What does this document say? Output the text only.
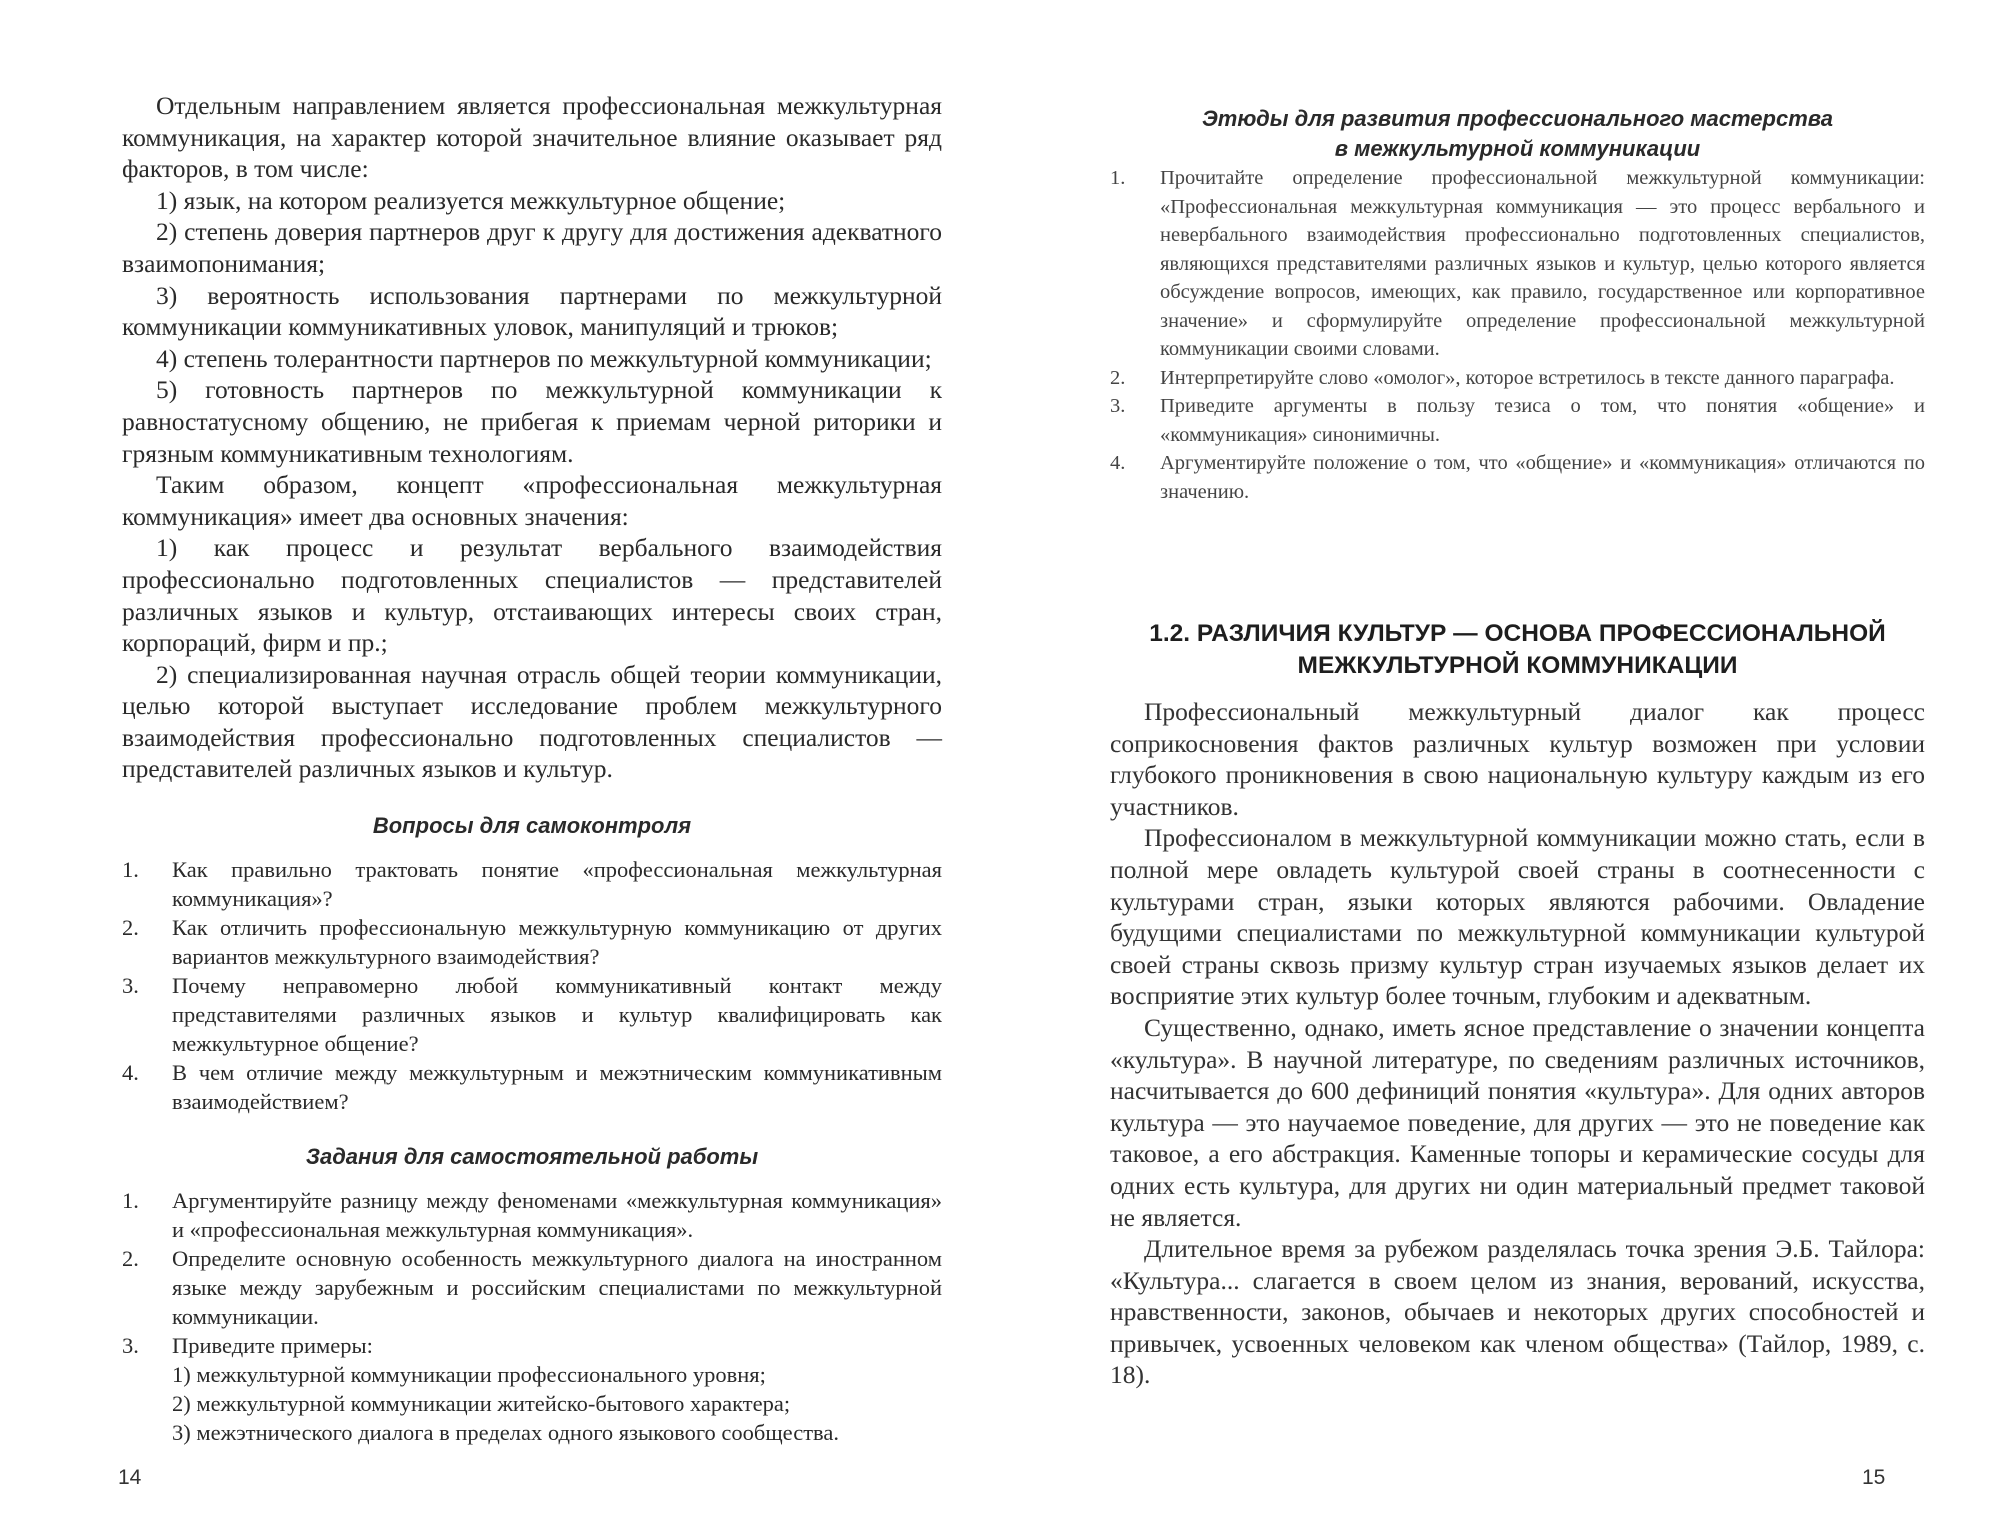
Отдельным направлением является профессиональная межкультурная коммуникация, на характер которой значительное влияние оказывает ряд факторов, в том числе:

1) язык, на котором реализуется межкультурное общение;

2) степень доверия партнеров друг к другу для достижения адекватного взаимопонимания;

3) вероятность использования партнерами по межкультурной коммуникации коммуникативных уловок, манипуляций и трюков;

4) степень толерантности партнеров по межкультурной коммуникации;

5) готовность партнеров по межкультурной коммуникации к равностатусному общению, не прибегая к приемам черной риторики и грязным коммуникативным технологиям.

Таким образом, концепт «профессиональная межкультурная коммуникация» имеет два основных значения:

1) как процесс и результат вербального взаимодействия профессионально подготовленных специалистов — представителей различных языков и культур, отстаивающих интересы своих стран, корпораций, фирм и пр.;

2) специализированная научная отрасль общей теории коммуникации, целью которой выступает исследование проблем межкультурного взаимодействия профессионально подготовленных специалистов — представителей различных языков и культур.

Вопросы для самоконтроля
1. Как правильно трактовать понятие «профессиональная межкультурная коммуникация»?
2. Как отличить профессиональную межкультурную коммуникацию от других вариантов межкультурного взаимодействия?
3. Почему неправомерно любой коммуникативный контакт между представителями различных языков и культур квалифицировать как межкультурное общение?
4. В чем отличие между межкультурным и межэтническим коммуникативным взаимодействием?
Задания для самостоятельной работы
1. Аргументируйте разницу между феноменами «межкультурная коммуникация» и «профессиональная межкультурная коммуникация».
2. Определите основную особенность межкультурного диалога на иностранном языке между зарубежным и российским специалистами по межкультурной коммуникации.
3. Приведите примеры:
1) межкультурной коммуникации профессионального уровня;
2) межкультурной коммуникации житейско-бытового характера;
3) межэтнического диалога в пределах одного языкового сообщества.
14
Этюды для развития профессионального мастерства
в межкультурной коммуникации
1. Прочитайте определение профессиональной межкультурной коммуникации: «Профессиональная межкультурная коммуникация — это процесс вербального и невербального взаимодействия профессионально подготовленных специалистов, являющихся представителями различных языков и культур, целью которого является обсуждение вопросов, имеющих, как правило, государственное или корпоративное значение» и сформулируйте определение профессиональной межкультурной коммуникации своими словами.
2. Интерпретируйте слово «омолог», которое встретилось в тексте данного параграфа.
3. Приведите аргументы в пользу тезиса о том, что понятия «общение» и «коммуникация» синонимичны.
4. Аргументируйте положение о том, что «общение» и «коммуникация» отличаются по значению.
1.2. РАЗЛИЧИЯ КУЛЬТУР — ОСНОВА ПРОФЕССИОНАЛЬНОЙ
МЕЖКУЛЬТУРНОЙ КОММУНИКАЦИИ

Профессиональный межкультурный диалог как процесс соприкосновения фактов различных культур возможен при условии глубокого проникновения в свою национальную культуру каждым из его участников.

Профессионалом в межкультурной коммуникации можно стать, если в полной мере овладеть культурой своей страны в соотнесенности с культурами стран, языки которых являются рабочими. Овладение будущими специалистами по межкультурной коммуникации культурой своей страны сквозь призму культур стран изучаемых языков делает их восприятие этих культур более точным, глубоким и адекватным.

Существенно, однако, иметь ясное представление о значении концепта «культура». В научной литературе, по сведениям различных источников, насчитывается до 600 дефиниций понятия «культура». Для одних авторов культура — это научаемое поведение, для других — это не поведение как таковое, а его абстракция. Каменные топоры и керамические сосуды для одних есть культура, для других ни один материальный предмет таковой не является.

Длительное время за рубежом разделялась точка зрения Э.Б. Тайлора: «Культура... слагается в своем целом из знания, верований, искусства, нравственности, законов, обычаев и некоторых других способностей и привычек, усвоенных человеком как членом общества» (Тайлор, 1989, с. 18).

15
